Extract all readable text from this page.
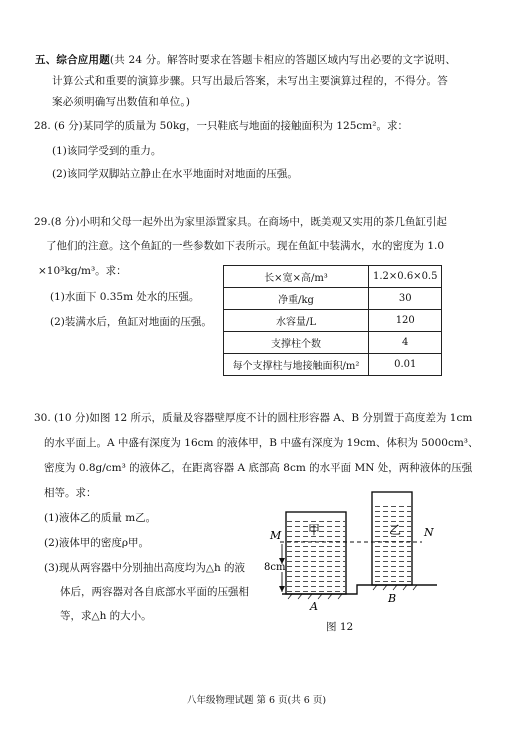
五、综合应用题(共 24 分。解答时要求在答题卡相应的答题区域内写出必要的文字说明、
计算公式和重要的演算步骤。只写出最后答案，未写出主要演算过程的，不得分。答
案必须明确写出数值和单位。)
28. (6 分)某同学的质量为 50kg，一只鞋底与地面的接触面积为 125cm²。求：
(1)该同学受到的重力。
(2)该同学双脚站立静止在水平地面时对地面的压强。
29.(8 分)小明和父母一起外出为家里添置家具。在商场中，既美观又实用的茶几鱼缸引起
了他们的注意。这个鱼缸的一些参数如下表所示。现在鱼缸中装满水，水的密度为 1.0
×10³kg/m³。求：
(1)水面下 0.35m 处水的压强。
(2)装满水后，鱼缸对地面的压强。
长×宽×高/m³	1.2×0.6×0.5
净重/kg	30
水容量/L	120
支撑柱个数	4
每个支撑柱与地接触面积/m²	0.01
30. (10 分)如图 12 所示，质量及容器壁厚度不计的圆柱形容器 A、B 分别置于高度差为 1cm
的水平面上。A 中盛有深度为 16cm 的液体甲，B 中盛有深度为 19cm、体积为 5000cm³、
密度为 0.8g/cm³ 的液体乙，在距离容器 A 底部高 8cm 的水平面 MN 处，两种液体的压强
相等。求：
(1)液体乙的质量 m乙。
(2)液体甲的密度ρ甲。
(3)现从两容器中分别抽出高度均为△h 的液
体后，两容器对各自底部水平面的压强相
等，求△h 的大小。
甲	乙
M	N
8cm
A
B
图 12
八年级物理试题 第 6 页(共 6 页)
